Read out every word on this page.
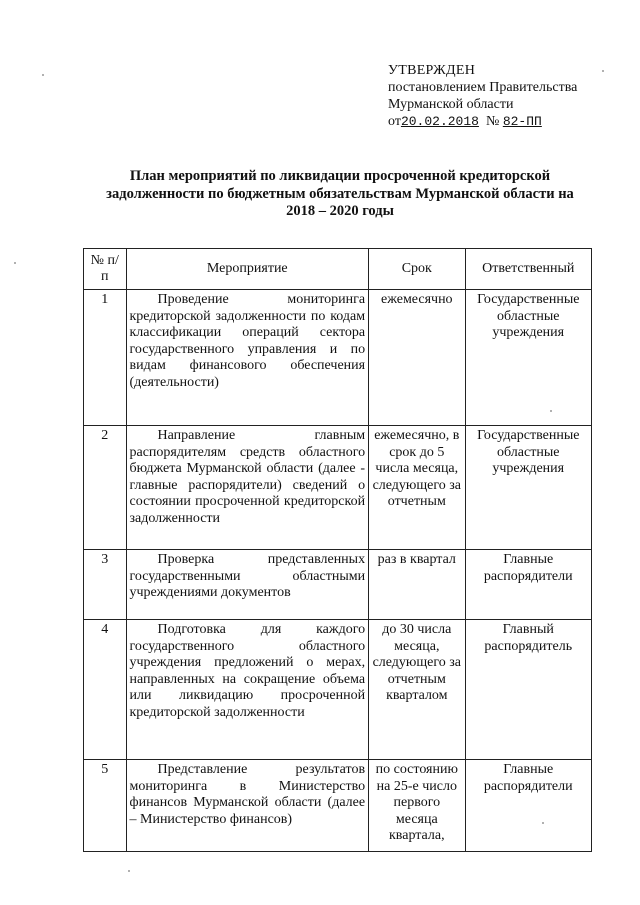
УТВЕРЖДЕН
постановлением Правительства
Мурманской области
от20.02.2018 № 82-ПП
План мероприятий по ликвидации просроченной кредиторской
задолженности по бюджетным обязательствам Мурманской области на
2018 – 2020 годы
№ п/п	Мероприятие	Срок	Ответственный
1	Проведение мониторинга кредиторской задолженности по кодам классификации операций сектора государственного управления и по видам финансового обеспечения (деятельности)	ежемесячно	Государственные областные учреждения
2	Направление главным распорядителям средств областного бюджета Мурманской области (далее - главные распорядители) сведений о состоянии просроченной кредиторской задолженности	ежемесячно, в срок до 5 числа месяца, следующего за отчетным	Государственные областные учреждения
3	Проверка представленных государственными областными учреждениями документов	раз в квартал	Главные распорядители
4	Подготовка для каждого государственного областного учреждения предложений о мерах, направленных на сокращение объема или ликвидацию просроченной кредиторской задолженности	до 30 числа месяца, следующего за отчетным кварталом	Главный распорядитель
5	Представление результатов мониторинга в Министерство финансов Мурманской области (далее – Министерство финансов)	по состоянию на 25-е число первого месяца квартала,	Главные распорядители
